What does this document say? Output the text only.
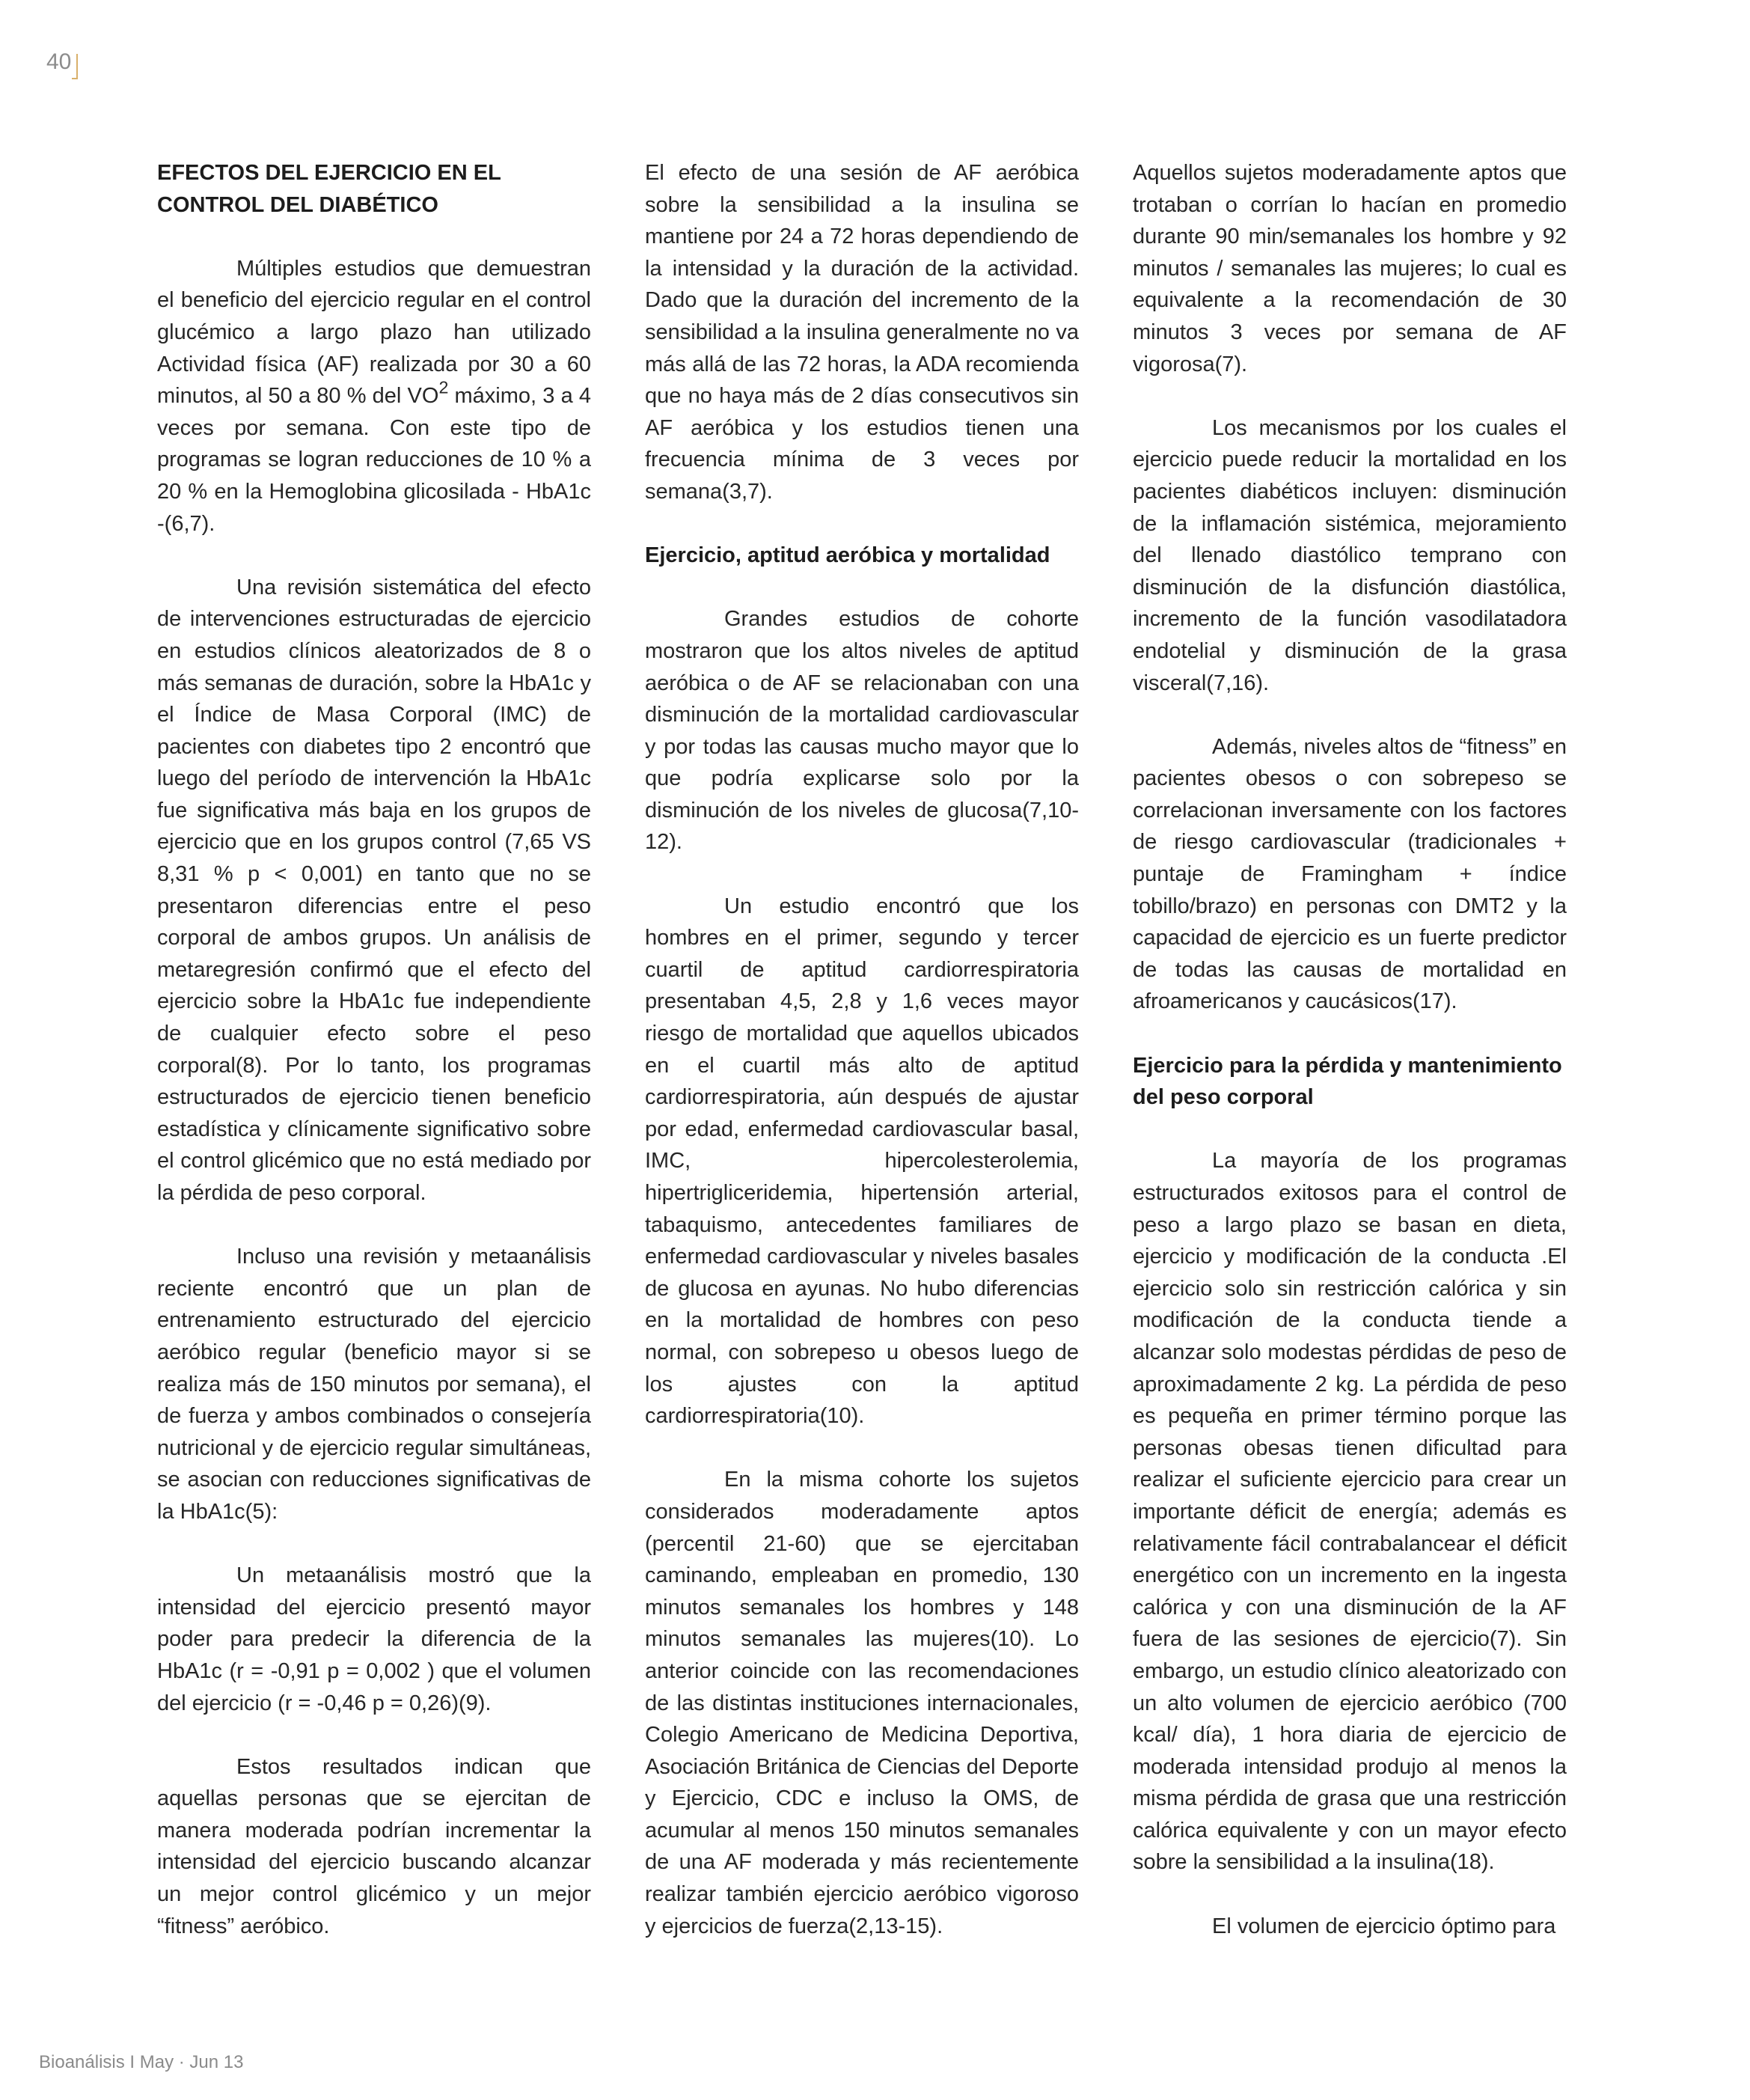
40
EFECTOS DEL EJERCICIO EN EL CONTROL DEL DIABÉTICO

Múltiples estudios que demuestran el beneficio del ejercicio regular en el control glucémico a largo plazo han utilizado Actividad física (AF) realizada por 30 a 60 minutos, al 50 a 80 % del $VO^2$ máximo, 3 a 4 veces por semana. Con este tipo de programas se logran reducciones de 10 % a 20 % en la Hemoglobina glicosilada - HbA1c -(6,7).

Una revisión sistemática del efecto de intervenciones estructuradas de ejercicio en estudios clínicos aleatorizados de 8 o más semanas de duración, sobre la HbA1c y el Índice de Masa Corporal (IMC) de pacientes con diabetes tipo 2 encontró que luego del período de intervención la HbA1c fue significativa más baja en los grupos de ejercicio que en los grupos control (7,65 VS 8,31 % p < 0,001) en tanto que no se presentaron diferencias entre el peso corporal de ambos grupos. Un análisis de metaregresión confirmó que el efecto del ejercicio sobre la HbA1c fue independiente de cualquier efecto sobre el peso corporal(8). Por lo tanto, los programas estructurados de ejercicio tienen beneficio estadística y clínicamente significativo sobre el control glicémico que no está mediado por la pérdida de peso corporal.

Incluso una revisión y metaanálisis reciente encontró que un plan de entrenamiento estructurado del ejercicio aeróbico regular (beneficio mayor si se realiza más de 150 minutos por semana), el de fuerza y ambos combinados o consejería nutricional y de ejercicio regular simultáneas, se asocian con reducciones significativas de la HbA1c(5):

Un metaanálisis mostró que la intensidad del ejercicio presentó mayor poder para predecir la diferencia de la HbA1c (r = -0,91 p = 0,002 ) que el volumen del ejercicio (r = -0,46 p = 0,26)(9).

Estos resultados indican que aquellas personas que se ejercitan de manera moderada podrían incrementar la intensidad del ejercicio buscando alcanzar un mejor control glicémico y un mejor “fitness” aeróbico.

El efecto de una sesión de AF aeróbica sobre la sensibilidad a la insulina se mantiene por 24 a 72 horas dependiendo de la intensidad y la duración de la actividad. Dado que la duración del incremento de la sensibilidad a la insulina generalmente no va más allá de las 72 horas, la ADA recomienda que no haya más de 2 días consecutivos sin AF aeróbica y los estudios tienen una frecuencia mínima de 3 veces por semana(3,7).

Ejercicio, aptitud aeróbica y mortalidad

Grandes estudios de cohorte mostraron que los altos niveles de aptitud aeróbica o de AF se relacionaban con una disminución de la mortalidad cardiovascular y por todas las causas mucho mayor que lo que podría explicarse solo por la disminución de los niveles de glucosa(7,10-12).

Un estudio encontró que los hombres en el primer, segundo y tercer cuartil de aptitud cardiorrespiratoria presentaban 4,5, 2,8 y 1,6 veces mayor riesgo de mortalidad que aquellos ubicados en el cuartil más alto de aptitud cardiorrespiratoria, aún después de ajustar por edad, enfermedad cardiovascular basal, IMC, hipercolesterolemia, hipertrigliceridemia, hipertensión arterial, tabaquismo, antecedentes familiares de enfermedad cardiovascular y niveles basales de glucosa en ayunas. No hubo diferencias en la mortalidad de hombres con peso normal, con sobrepeso u obesos luego de los ajustes con la aptitud cardiorrespiratoria(10).

En la misma cohorte los sujetos considerados moderadamente aptos (percentil 21-60) que se ejercitaban caminando, empleaban en promedio, 130 minutos semanales los hombres y 148 minutos semanales las mujeres(10). Lo anterior coincide con las recomendaciones de las distintas instituciones internacionales, Colegio Americano de Medicina Deportiva, Asociación Británica de Ciencias del Deporte y Ejercicio, CDC e incluso la OMS, de acumular al menos 150 minutos semanales de una AF moderada y más recientemente realizar también ejercicio aeróbico vigoroso y ejercicios de fuerza(2,13-15).

Aquellos sujetos moderadamente aptos que trotaban o corrían lo hacían en promedio durante 90 min/semanales los hombre y 92 minutos / semanales las mujeres; lo cual es equivalente a la recomendación de 30 minutos 3 veces por semana de AF vigorosa(7).

Los mecanismos por los cuales el ejercicio puede reducir la mortalidad en los pacientes diabéticos incluyen: disminución de la inflamación sistémica, mejoramiento del llenado diastólico temprano con disminución de la disfunción diastólica, incremento de la función vasodilatadora endotelial y disminución de la grasa visceral(7,16).

Además, niveles altos de “fitness” en pacientes obesos o con sobrepeso se correlacionan inversamente con los factores de riesgo cardiovascular (tradicionales + puntaje de Framingham + índice tobillo/brazo) en personas con DMT2 y la capacidad de ejercicio es un fuerte predictor de todas las causas de mortalidad en afroamericanos y caucásicos(17).

Ejercicio para la pérdida y mantenimiento del peso corporal

La mayoría de los programas estructurados exitosos para el control de peso a largo plazo se basan en dieta, ejercicio y modificación de la conducta .El ejercicio solo sin restricción calórica y sin modificación de la conducta tiende a alcanzar solo modestas pérdidas de peso de aproximadamente 2 kg. La pérdida de peso es pequeña en primer término porque las personas obesas tienen dificultad para realizar el suficiente ejercicio para crear un importante déficit de energía; además es relativamente fácil contrabalancear el déficit energético con un incremento en la ingesta calórica y con una disminución de la AF fuera de las sesiones de ejercicio(7). Sin embargo, un estudio clínico aleatorizado con un alto volumen de ejercicio aeróbico (700 kcal/ día), 1 hora diaria de ejercicio de moderada intensidad produjo al menos la misma pérdida de grasa que una restricción calórica equivalente y con un mayor efecto sobre la sensibilidad a la insulina(18).

El volumen de ejercicio óptimo para

Bioanálisis I May · Jun 13
